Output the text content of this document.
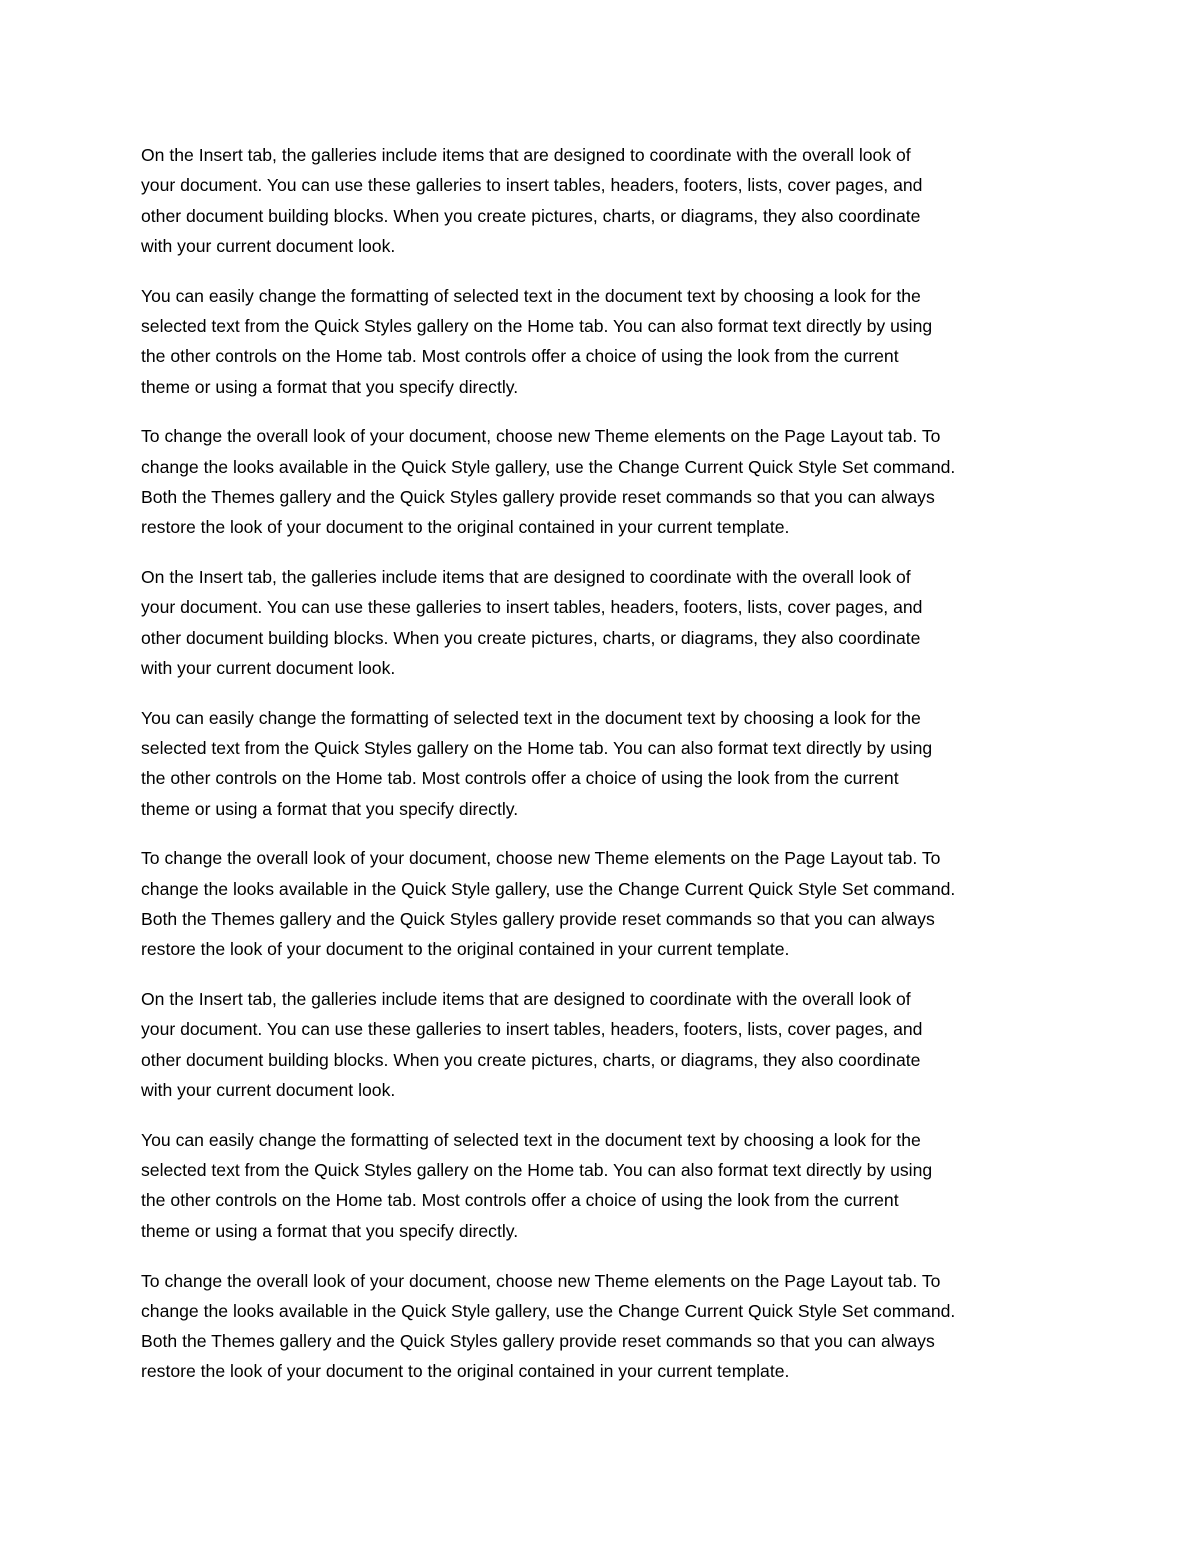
On the Insert tab, the galleries include items that are designed to coordinate with the overall look of
your document. You can use these galleries to insert tables, headers, footers, lists, cover pages, and
other document building blocks. When you create pictures, charts, or diagrams, they also coordinate
with your current document look.

You can easily change the formatting of selected text in the document text by choosing a look for the
selected text from the Quick Styles gallery on the Home tab. You can also format text directly by using
the other controls on the Home tab. Most controls offer a choice of using the look from the current
theme or using a format that you specify directly.

To change the overall look of your document, choose new Theme elements on the Page Layout tab. To
change the looks available in the Quick Style gallery, use the Change Current Quick Style Set command.
Both the Themes gallery and the Quick Styles gallery provide reset commands so that you can always
restore the look of your document to the original contained in your current template.

On the Insert tab, the galleries include items that are designed to coordinate with the overall look of
your document. You can use these galleries to insert tables, headers, footers, lists, cover pages, and
other document building blocks. When you create pictures, charts, or diagrams, they also coordinate
with your current document look.

You can easily change the formatting of selected text in the document text by choosing a look for the
selected text from the Quick Styles gallery on the Home tab. You can also format text directly by using
the other controls on the Home tab. Most controls offer a choice of using the look from the current
theme or using a format that you specify directly.

To change the overall look of your document, choose new Theme elements on the Page Layout tab. To
change the looks available in the Quick Style gallery, use the Change Current Quick Style Set command.
Both the Themes gallery and the Quick Styles gallery provide reset commands so that you can always
restore the look of your document to the original contained in your current template.

On the Insert tab, the galleries include items that are designed to coordinate with the overall look of
your document. You can use these galleries to insert tables, headers, footers, lists, cover pages, and
other document building blocks. When you create pictures, charts, or diagrams, they also coordinate
with your current document look.

You can easily change the formatting of selected text in the document text by choosing a look for the
selected text from the Quick Styles gallery on the Home tab. You can also format text directly by using
the other controls on the Home tab. Most controls offer a choice of using the look from the current
theme or using a format that you specify directly.

To change the overall look of your document, choose new Theme elements on the Page Layout tab. To
change the looks available in the Quick Style gallery, use the Change Current Quick Style Set command.
Both the Themes gallery and the Quick Styles gallery provide reset commands so that you can always
restore the look of your document to the original contained in your current template.
